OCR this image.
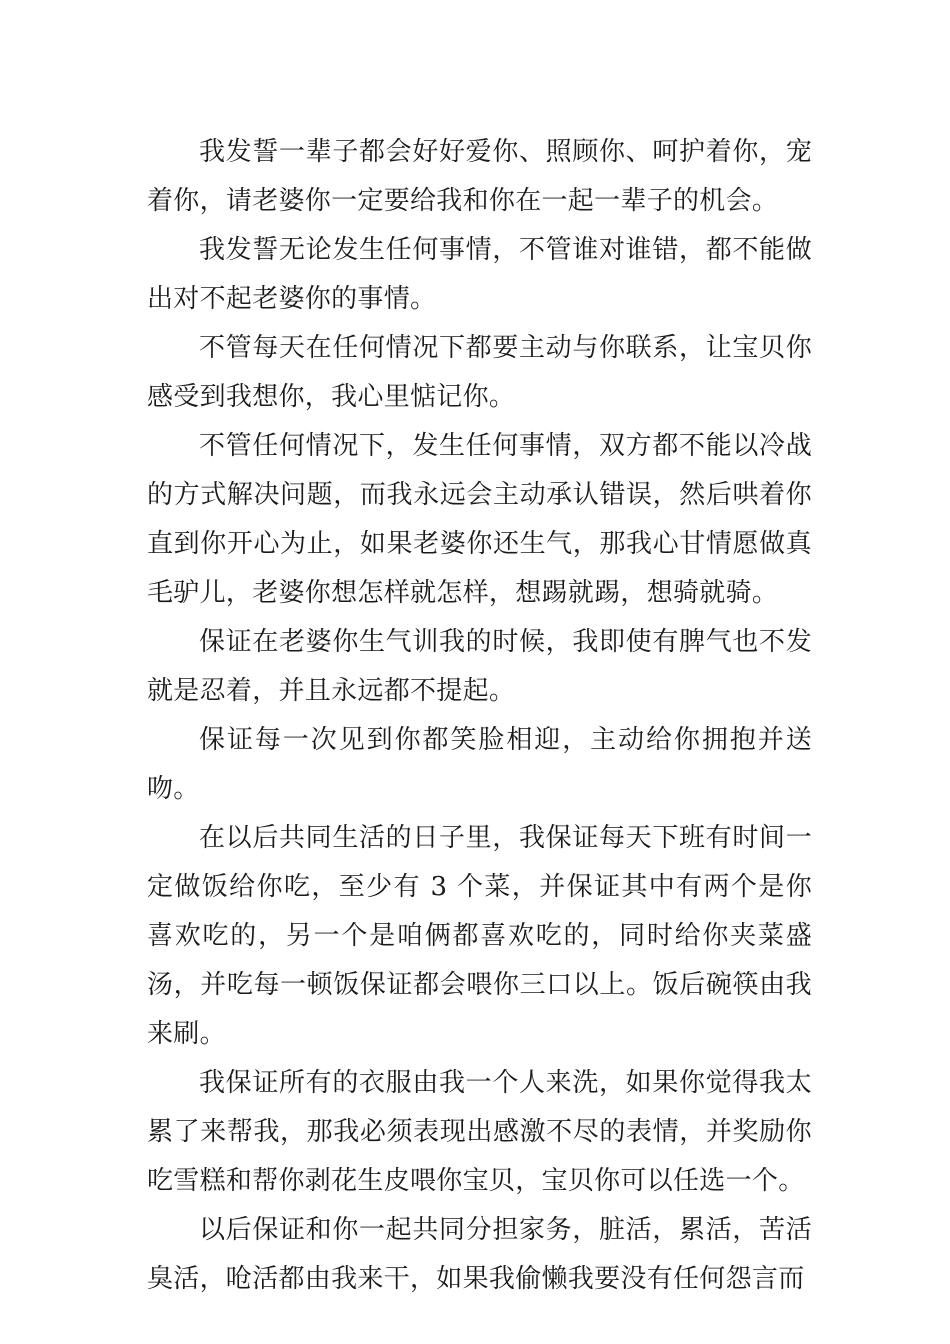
我发誓一辈子都会好好爱你、照顾你、呵护着你，宠着你，请老婆你一定要给我和你在一起一辈子的机会。

我发誓无论发生任何事情，不管谁对谁错，都不能做出对不起老婆你的事情。

不管每天在任何情况下都要主动与你联系，让宝贝你感受到我想你，我心里惦记你。

不管任何情况下，发生任何事情，双方都不能以冷战的方式解决问题，而我永远会主动承认错误，然后哄着你直到你开心为止，如果老婆你还生气，那我心甘情愿做真毛驴儿，老婆你想怎样就怎样，想踢就踢，想骑就骑。

保证在老婆你生气训我的时候，我即使有脾气也不发就是忍着，并且永远都不提起。

保证每一次见到你都笑脸相迎，主动给你拥抱并送吻。

在以后共同生活的日子里，我保证每天下班有时间一定做饭给你吃，至少有 3 个菜，并保证其中有两个是你喜欢吃的，另一个是咱俩都喜欢吃的，同时给你夹菜盛汤，并吃每一顿饭保证都会喂你三口以上。饭后碗筷由我来刷。

我保证所有的衣服由我一个人来洗，如果你觉得我太累了来帮我，那我必须表现出感激不尽的表情，并奖励你吃雪糕和帮你剥花生皮喂你宝贝，宝贝你可以任选一个。

以后保证和你一起共同分担家务，脏活，累活，苦活臭活，呛活都由我来干，如果我偷懒我要没有任何怨言而
